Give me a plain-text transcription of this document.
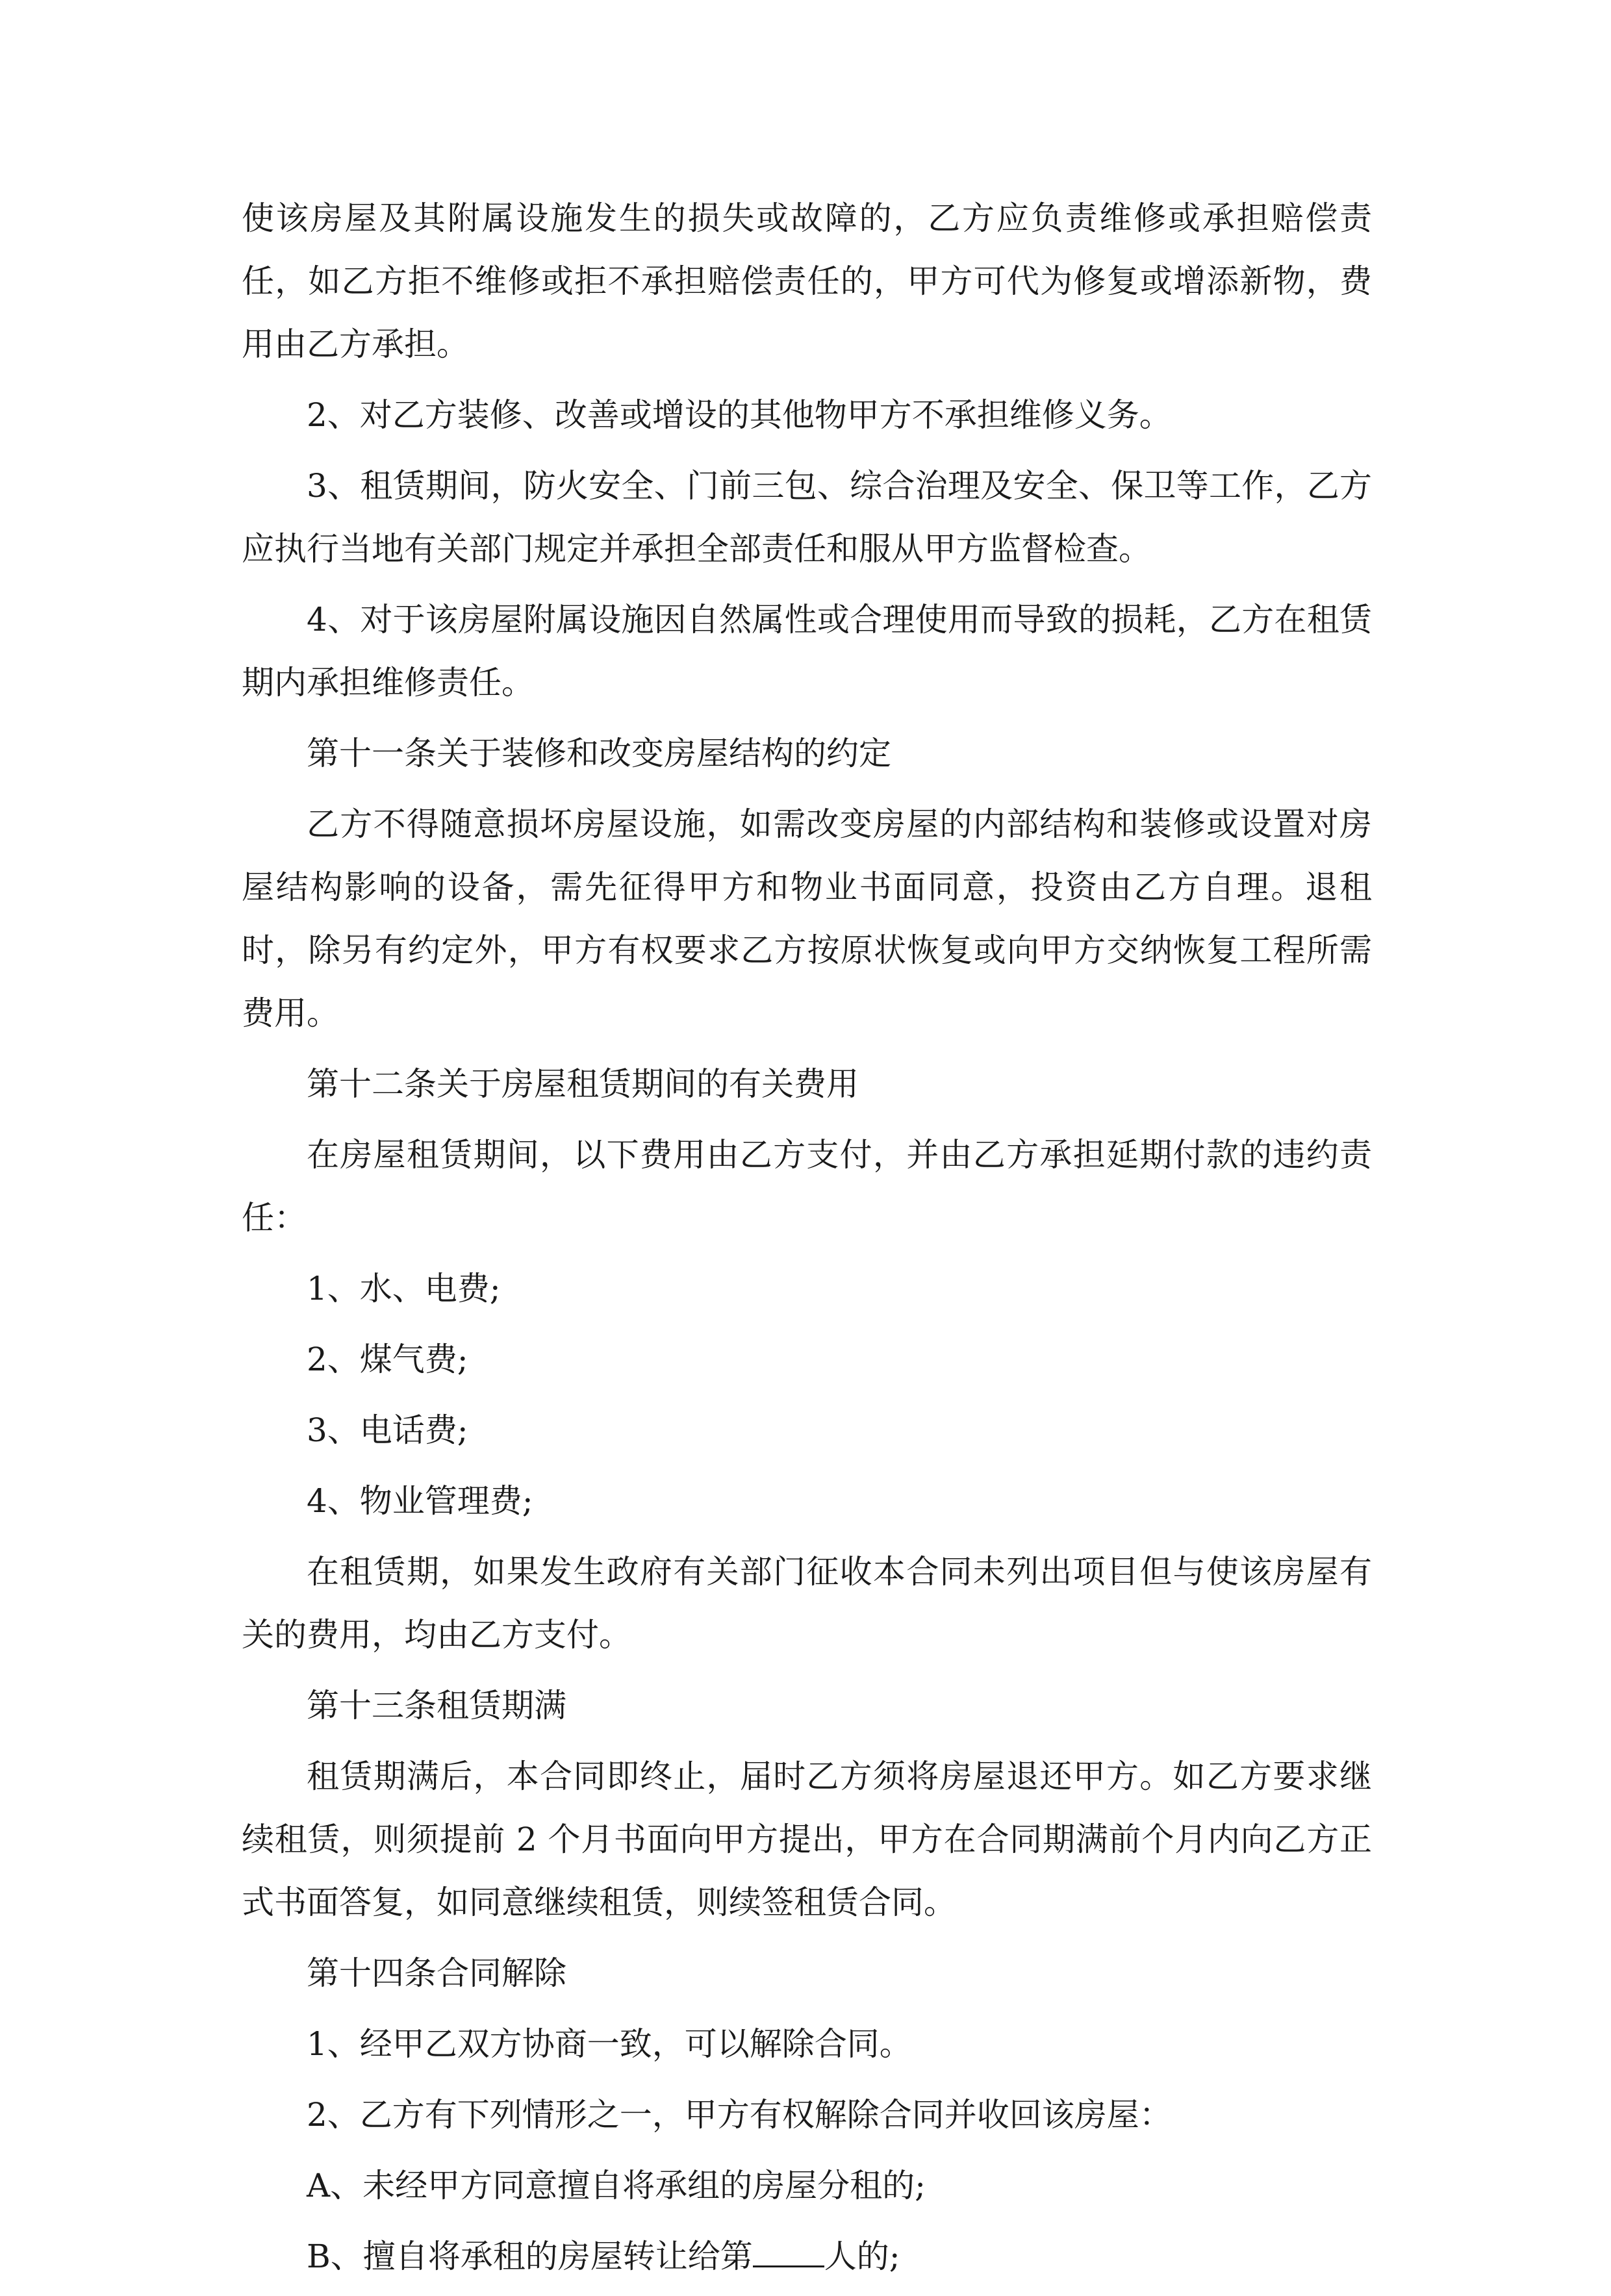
使该房屋及其附属设施发生的损失或故障的，乙方应负责维修或承担赔偿责任，如乙方拒不维修或拒不承担赔偿责任的，甲方可代为修复或增添新物，费用由乙方承担。

2、对乙方装修、改善或增设的其他物甲方不承担维修义务。

3、租赁期间，防火安全、门前三包、综合治理及安全、保卫等工作，乙方应执行当地有关部门规定并承担全部责任和服从甲方监督检查。

4、对于该房屋附属设施因自然属性或合理使用而导致的损耗，乙方在租赁期内承担维修责任。

第十一条关于装修和改变房屋结构的约定

乙方不得随意损坏房屋设施，如需改变房屋的内部结构和装修或设置对房屋结构影响的设备，需先征得甲方和物业书面同意，投资由乙方自理。退租时，除另有约定外，甲方有权要求乙方按原状恢复或向甲方交纳恢复工程所需费用。

第十二条关于房屋租赁期间的有关费用

在房屋租赁期间，以下费用由乙方支付，并由乙方承担延期付款的违约责任：

1、水、电费;

2、煤气费;

3、电话费;

4、物业管理费;

在租赁期，如果发生政府有关部门征收本合同未列出项目但与使该房屋有关的费用，均由乙方支付。

第十三条租赁期满

租赁期满后，本合同即终止，届时乙方须将房屋退还甲方。如乙方要求继续租赁，则须提前 2 个月书面向甲方提出，甲方在合同期满前个月内向乙方正式书面答复，如同意继续租赁，则续签租赁合同。

第十四条合同解除

1、经甲乙双方协商一致，可以解除合同。

2、乙方有下列情形之一，甲方有权解除合同并收回该房屋：

A、未经甲方同意擅自将承组的房屋分租的;

B、擅自将承租的房屋转让给第 人的;
